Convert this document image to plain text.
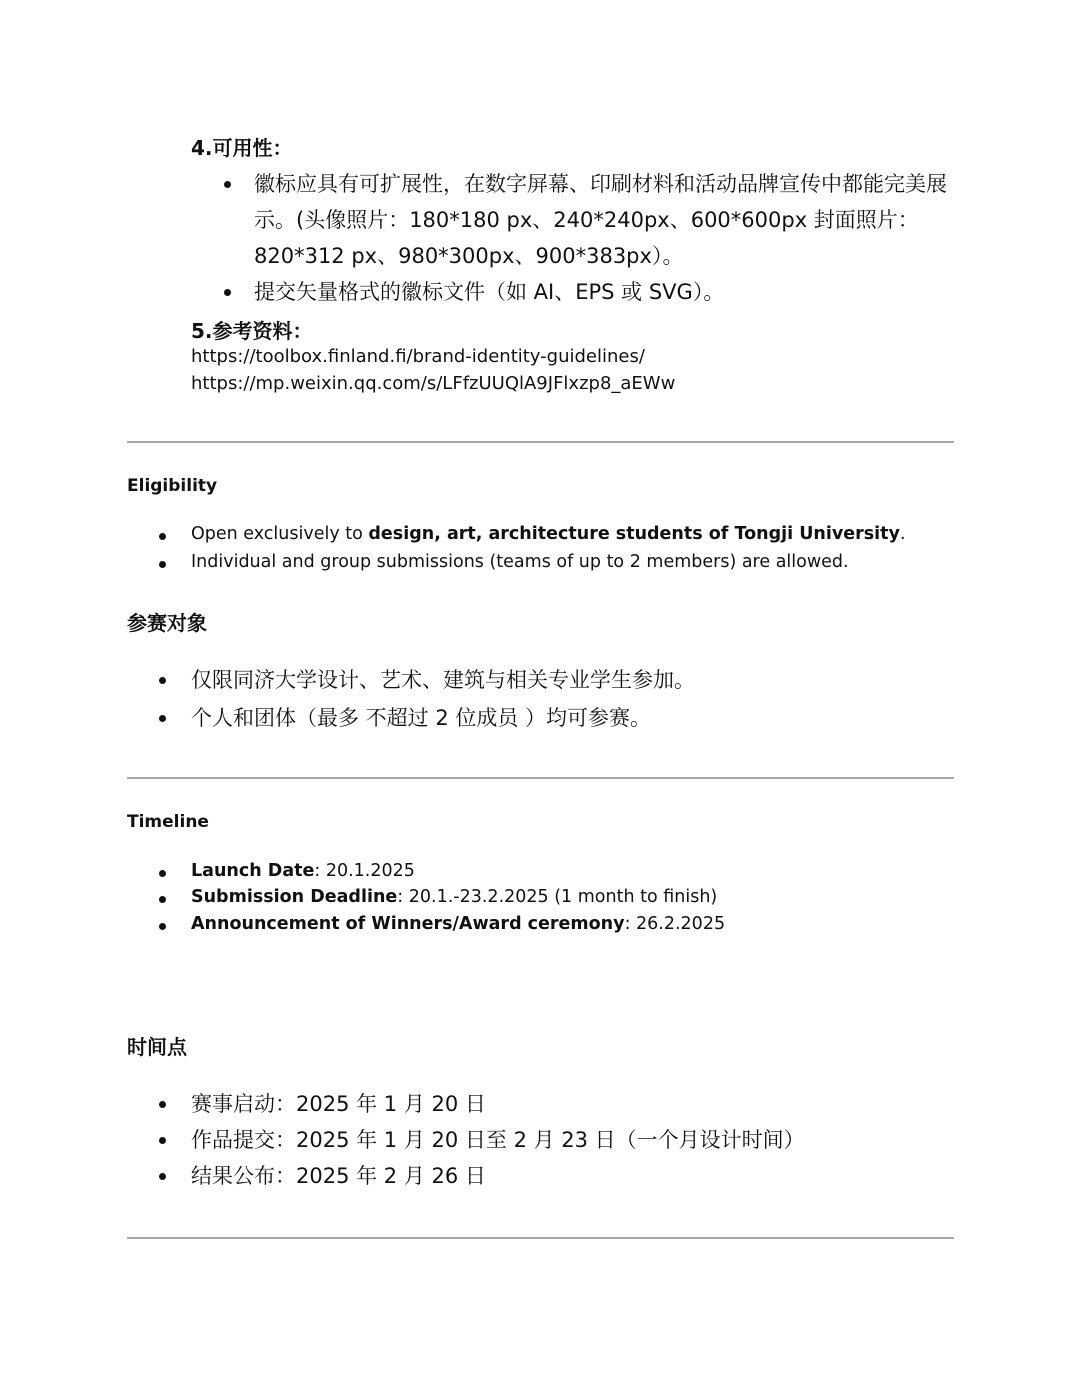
4.可用性：
徽标应具有可扩展性，在数字屏幕、印刷材料和活动品牌宣传中都能完美展
示。(头像照片：180*180 px、240*240px、600*600px 封面照片：
820*312 px、980*300px、900*383px）。
提交矢量格式的徽标文件（如 AI、EPS 或 SVG）。
5.参考资料：
https://toolbox.finland.fi/brand-identity-guidelines/
https://mp.weixin.qq.com/s/LFfzUUQlA9JFlxzp8_aEWw
Eligibility
Open exclusively to design, art, architecture students of Tongji University.
Individual and group submissions (teams of up to 2 members) are allowed.
参赛对象
仅限同济大学设计、艺术、建筑与相关专业学生参加。
个人和团体（最多 不超过 2 位成员 ）均可参赛。
Timeline
Launch Date: 20.1.2025
Submission Deadline: 20.1.-23.2.2025 (1 month to finish)
Announcement of Winners/Award ceremony: 26.2.2025
时间点
赛事启动：2025 年 1 月 20 日
作品提交：2025 年 1 月 20 日至 2 月 23 日（一个月设计时间）
结果公布：2025 年 2 月 26 日
